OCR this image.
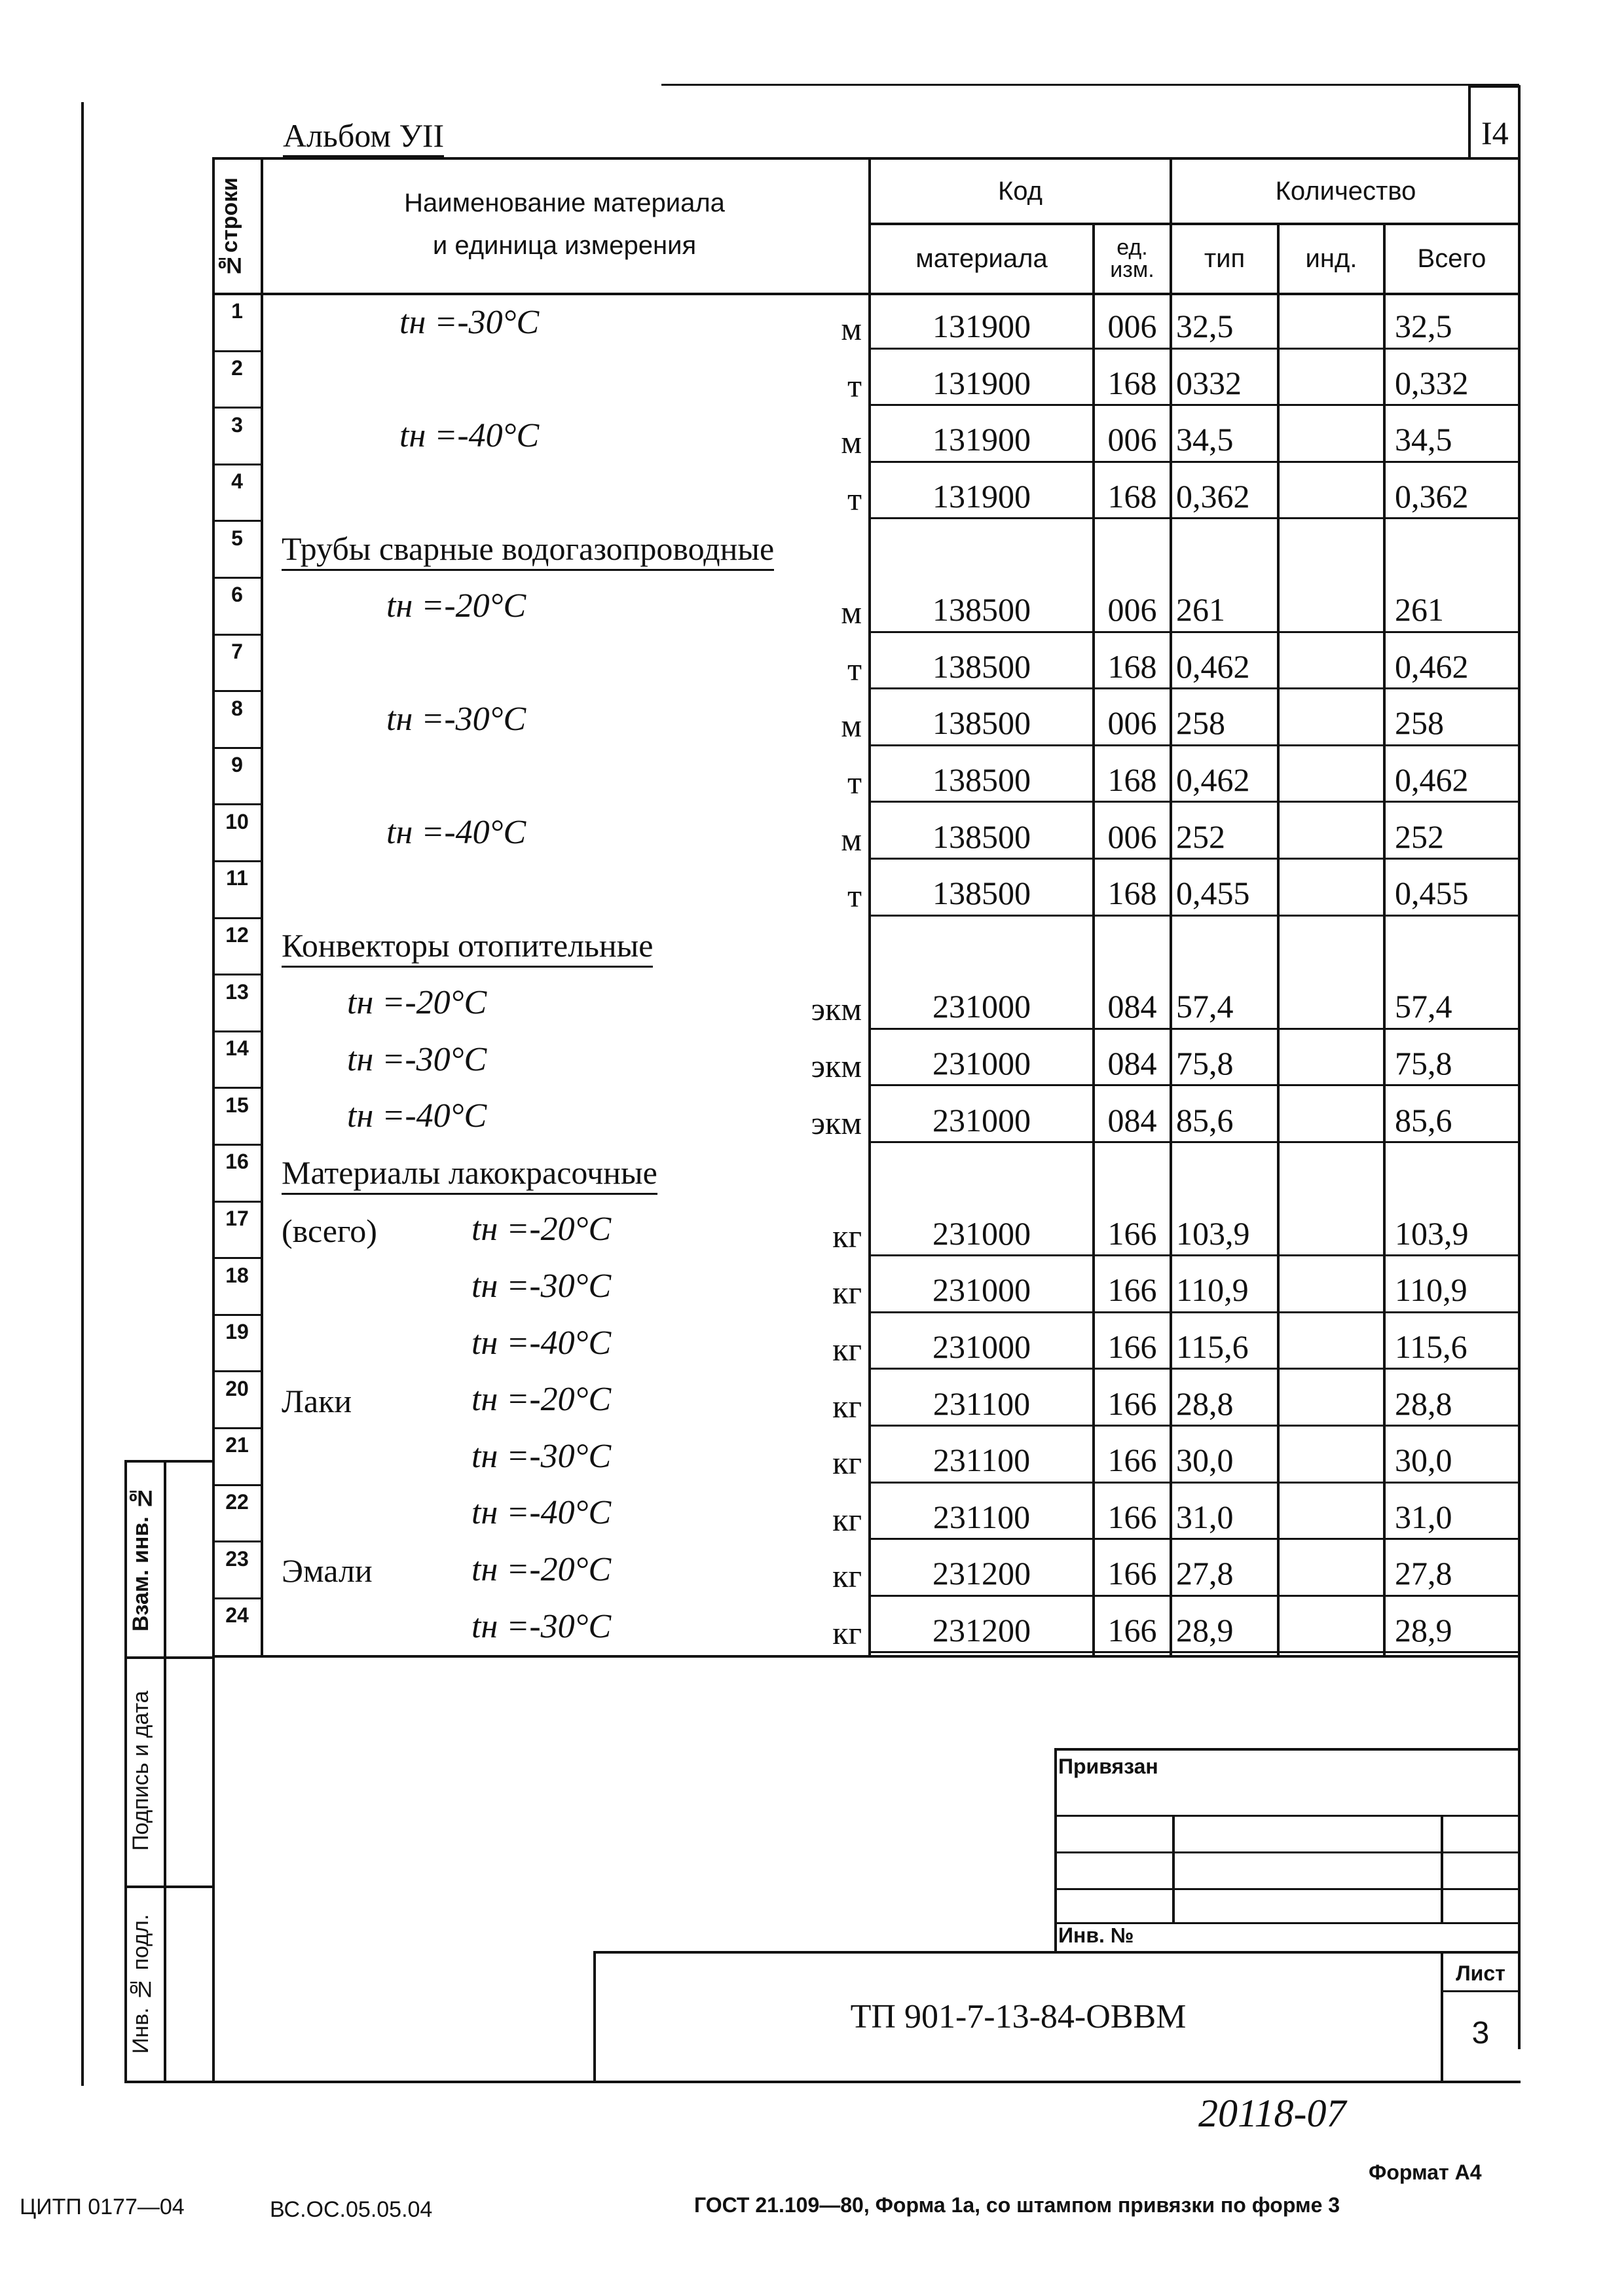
Альбом УII	I4
№строки	Наименование материала
и единица измерения
Код
материала	ед. изм.
Количество
тип	инд.	Всего
1	tн =-30°C	м	131900	006 32,5	32,5
2	т	131900	168 0332	0,332
3	tн =-40°C	м	131900	006 34,5	34,5
4	т	131900	168 0,362	0,362
5	Трубы сварные водогазопроводные
6	tн =-20°C	м	138500	006 261	261
7	т	138500	168 0,462	0,462
8	tн =-30°C	м	138500	006 258	258
9	т	138500	168 0,462	0,462
10	tн =-40°C	м	138500	006 252	252
11	т	138500	168 0,455	0,455
12 Конвекторы отопительные
13	tн =-20°C	экм	231000	084 57,4	57,4
14	tн =-30°C	экм	231000	084 75,8	75,8
15	tн =-40°C	экм	231000	084 85,6	85,6
16 Материалы лакокрасочные
17 (всего)	tн =-20°C	кг	231000	166 103,9	103,9
18	tн =-30°C	кг	231000	166 110,9	110,9
19	tн =-40°C	кг	231000	166 115,6	115,6
20 Лаки	tн =-20°C	кг	231100	166 28,8	28,8
21	tн =-30°C	кг	231100	166 30,0	30,0
22	tн =-40°C	кг	231100	166 31,0	31,0
23 Эмали	tн =-20°C	кг	231200	166 27,8	27,8
24	tн =-30°C	кг	231200	166 28,9	28,9
Взам. инв. №
Подпись и дата
Инв. № подл.
Привязан
Инв. №
ТП 901-7-13-84-ОВВМ
Лист
3
20118-07
Формат А4
ЦИТП 0177—04	ВС.ОС.05.05.04	ГОСТ 21.109—80, Форма 1а, со штампом привязки по форме 3
